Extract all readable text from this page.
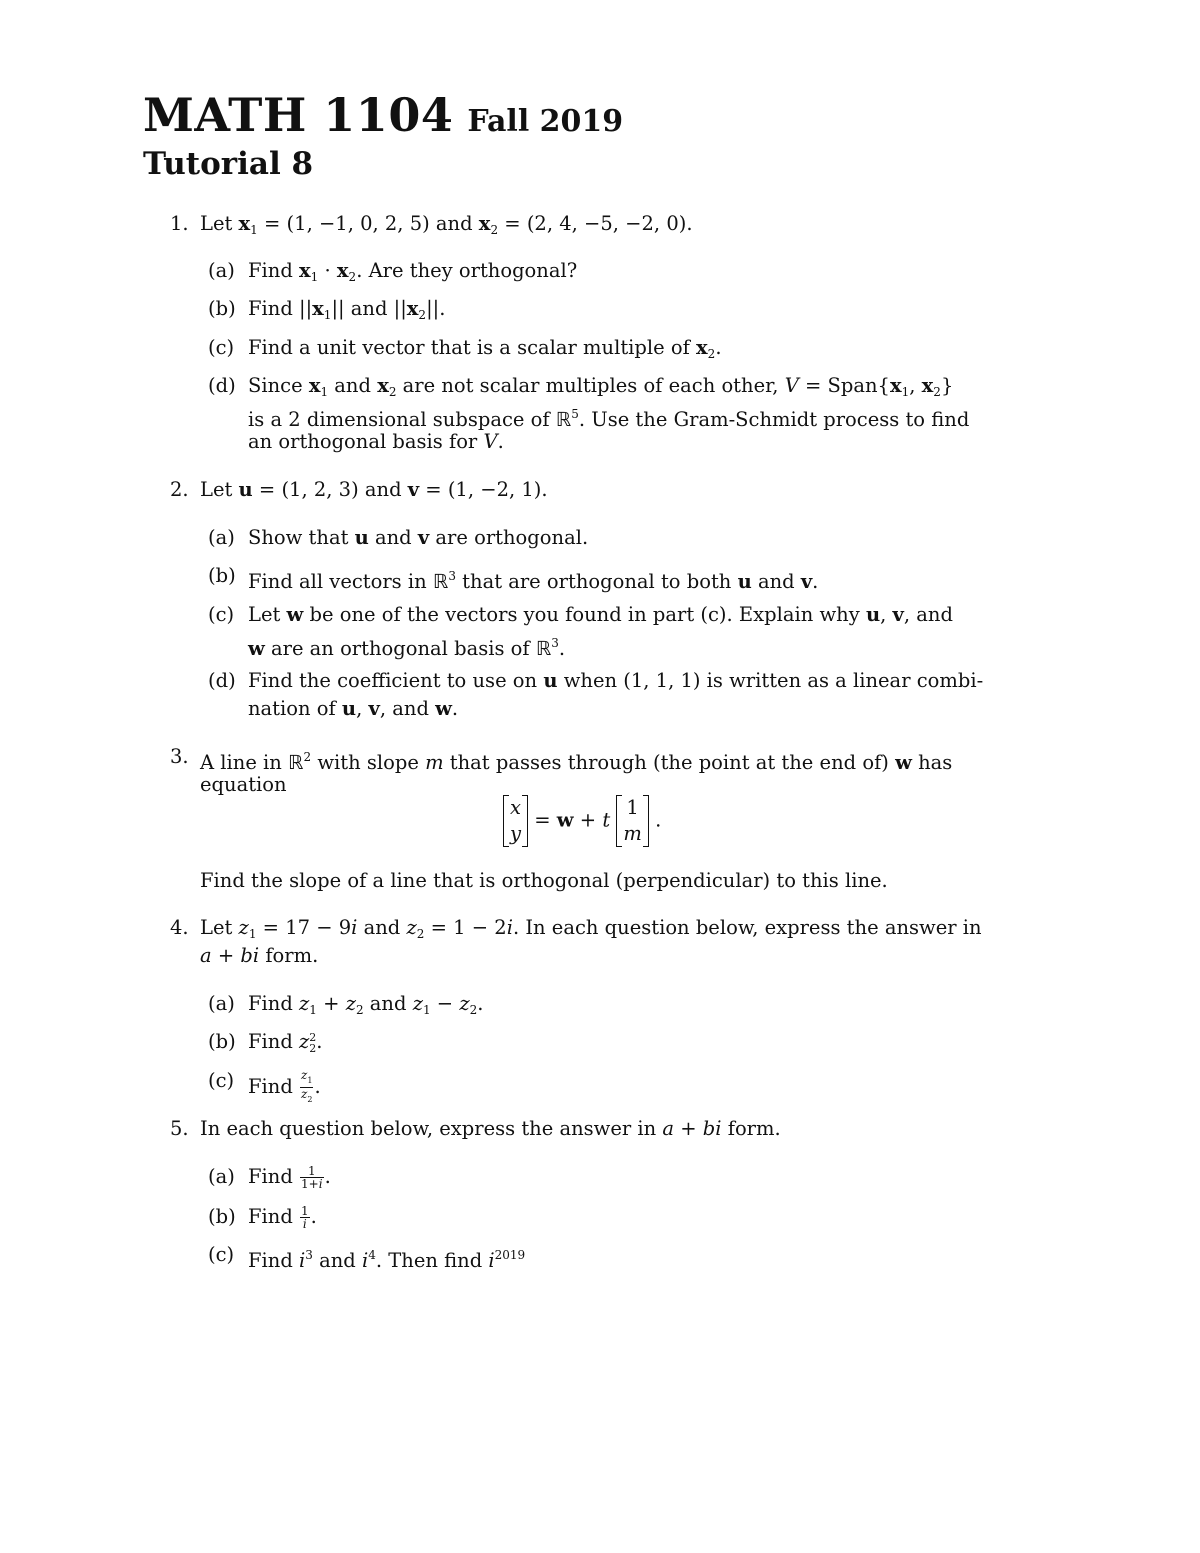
MATH 1104 Fall 2019
Tutorial 8
1. Let $x_1 = (1$, −1, 0, 2, 5) and $x_2 = (2$, 4, −5, −2, 0).
(a) Find $x_1 \cdot x_2$. Are they orthogonal?
(b) Find $||x_1||$ and $||x_2||$.
(c) Find a unit vector that is a scalar multiple of $x_2$.
(d) Since $x_1$ and $x_2$ are not scalar multiples of each other, $V = Span\{x_1$, $x_2$}
is a 2 dimensional subspace of ℝ$^5$. Use the Gram-Schmidt process to find
an orthogonal basis for V.
2. Let u = (1, 2, 3) and v = (1, −2, 1).
(a) Show that u and v are orthogonal.
(b) Find all vectors in ℝ$^3$ that are orthogonal to both u and v.
(c) Let w be one of the vectors you found in part (c). Explain why u, v, and
w are an orthogonal basis of ℝ$^3$.
(d) Find the coefficient to use on u when (1, 1, 1) is written as a linear combi-
nation of u, v, and w.
3. A line in ℝ$^2$ with slope m that passes through (the point at the end of) w has
equation
x
y = w + t 1
m .
Find the slope of a line that is orthogonal (perpendicular) to this line.
4. Let $z_1 = 17 - 9i$ and $z_2 = 1 - 2i$. In each question below, express the answer in
a + bi form.
(a) Find $z_1 + z_2$ and $z_1 - z_2$.
(b) Find z 2
2 .
(c) Find $\frac{z_1}{z_2}$ .
5. In each question below, express the answer in a + bi form.
(a) Find $\frac{1}{1+i}$ .
(b) Find $\frac{1}{i}$ .
(c) Find $i^3$ and $i^4$. Then find $i^{2019}$
